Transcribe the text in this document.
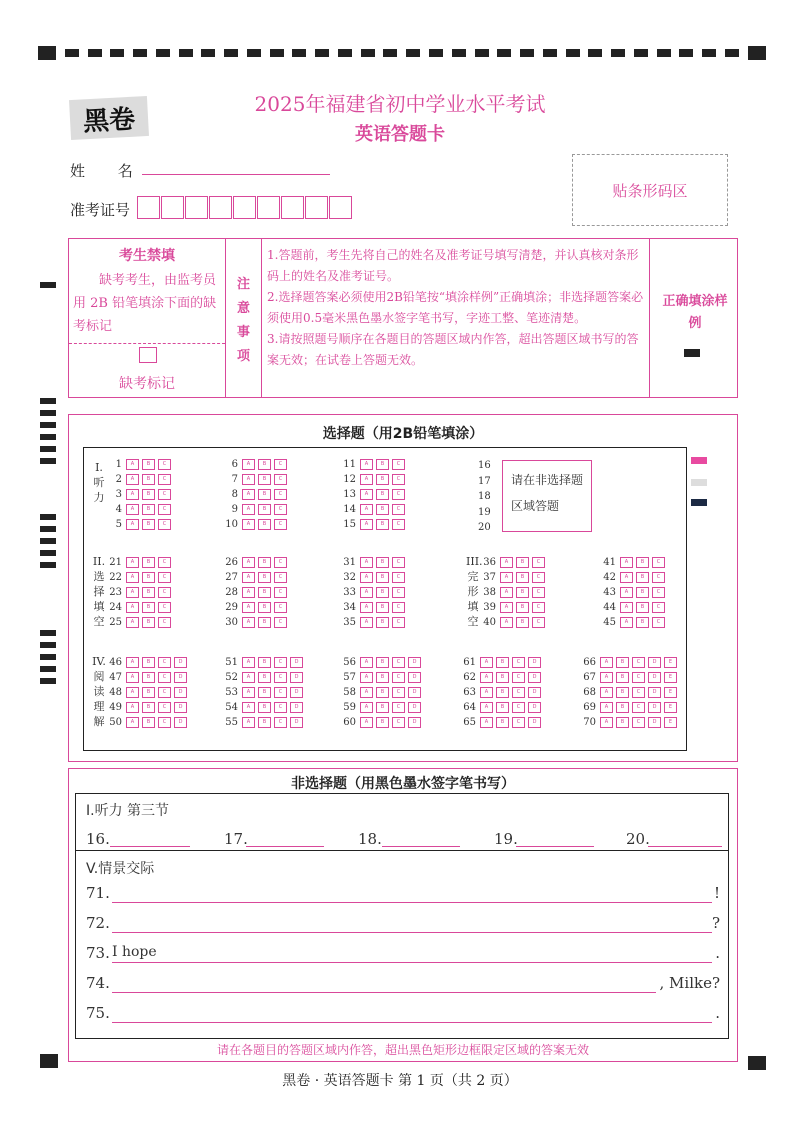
黑卷
2025年福建省初中学业水平考试
英语答题卡
姓 名
准考证号
贴条形码区
考生禁填
缺考考生，由监考员用 2B 铅笔填涂下面的缺考标记
缺考标记
注意事项
1.答题前，考生先将自己的姓名及准考证号填写清楚，并认真核对条形码上的姓名及准考证号。
2.选择题答案必须使用2B铅笔按“填涂样例”正确填涂；非选择题答案必须使用0.5毫米黑色墨水签字笔书写，字迹工整、笔迹清楚。
3.请按照题号顺序在各题目的答题区域内作答，超出答题区域书写的答案无效；在试卷上答题无效。
正确填涂样例
选择题（用2B铅笔填涂）
1 A	B	C	6 A	B	C	11 A	B	C
2 A	B	C	7 A	B	C	12 A	B	C
3 A	B	C	8 A	B	C	13 A	B	C
4 A	B	C	9 A	B	C	14 A	B	C
5 A	B	C	10 A	B	C	15 A	B	C
21 A	B	C	26 A	B	C	31 A	B	C	36 A	B	C	41 A	B	C
22 A	B	C	27 A	B	C	32 A	B	C	37 A	B	C	42 A	B	C
23 A	B	C	28 A	B	C	33 A	B	C	38 A	B	C	43 A	B	C
24 A	B	C	29 A	B	C	34 A	B	C	39 A	B	C	44 A	B	C
25 A	B	C	30 A	B	C	35 A	B	C	40 A	B	C	45 A	B	C
46 A	B	C D	51 A	B	C D	56 A	B	C D	61 A	B	C D	66 A	B	C D E
47 A	B	C D	52 A	B	C D	57 A	B	C D	62 A	B	C D	67 A	B	C D E
48 A	B	C D	53 A	B	C D	58 A	B	C D	63 A	B	C D	68 A	B	C D E
49 A	B	C D	54 A	B	C D	59 A	B	C D	64 A	B	C D	69 A	B	C D E
50 A	B	C D	55 A	B	C D	60 A	B	C D	65 A	B	C D	70 A	B	C D E
I.听力
II.选择填空
III.完形填空
IV.阅读理解
16
17
18
19
20
请在非选择题区域答题
非选择题（用黑色墨水签字笔书写）
I.听力 第三节
16.	17.	18.	19.	20.
V.情景交际
71.	!
72.	?
73. I hope	.
74.	, Milke?
75.	.
请在各题目的答题区域内作答，超出黑色矩形边框限定区域的答案无效
黑卷 · 英语答题卡 第 1 页（共 2 页）
